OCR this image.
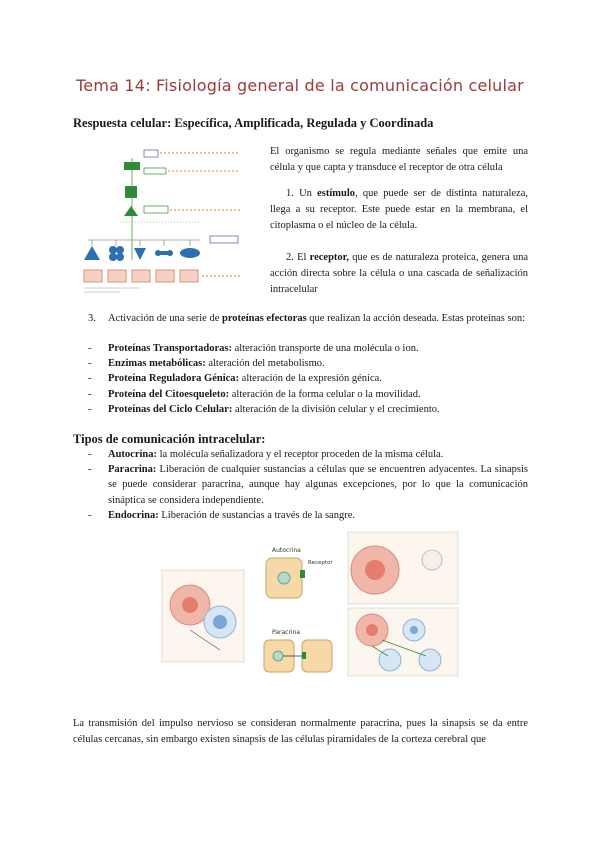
Tema 14: Fisiología general de la comunicación celular
Respuesta celular: Específica, Amplificada, Regulada y Coordinada
El organismo se regula mediante señales que emite una célula y que capta y transduce el receptor de otra célula
1. Un estímulo, que puede ser de distinta naturaleza, llega a su receptor. Este puede estar en la membrana, el citoplasma o el núcleo de la célula.
2. El receptor, que es de naturaleza proteica, genera una acción directa sobre la célula o una cascada de señalización intracelular
3. Activación de una serie de proteínas efectoras que realizan la acción deseada. Estas proteínas son:
- Proteínas Transportadoras: alteración transporte de una molécula o ion.
- Enzimas metabólicas: alteración del metabolismo.
- Proteína Reguladora Génica: alteración de la expresión génica.
- Proteína del Citoesqueleto: alteración de la forma celular o la movilidad.
- Proteínas del Ciclo Celular: alteración de la división celular y el crecimiento.
Tipos de comunicación intracelular:
- Autocrina: la molécula señalizadora y el receptor proceden de la misma célula.
- Paracrina: Liberación de cualquier sustancias a células que se encuentren adyacentes. La sinapsis se puede considerar paracrina, aunque hay algunas excepciones, por lo que la comunicación sináptica se considera independiente.
- Endocrina: Liberación de sustancias a través de la sangre.
Autocrina
Receptor
Paracrina
La transmisión del impulso nervioso se consideran normalmente paracrina, pues la sinapsis se da entre células cercanas, sin embargo existen sinapsis de las células piramidales de la corteza cerebral que
